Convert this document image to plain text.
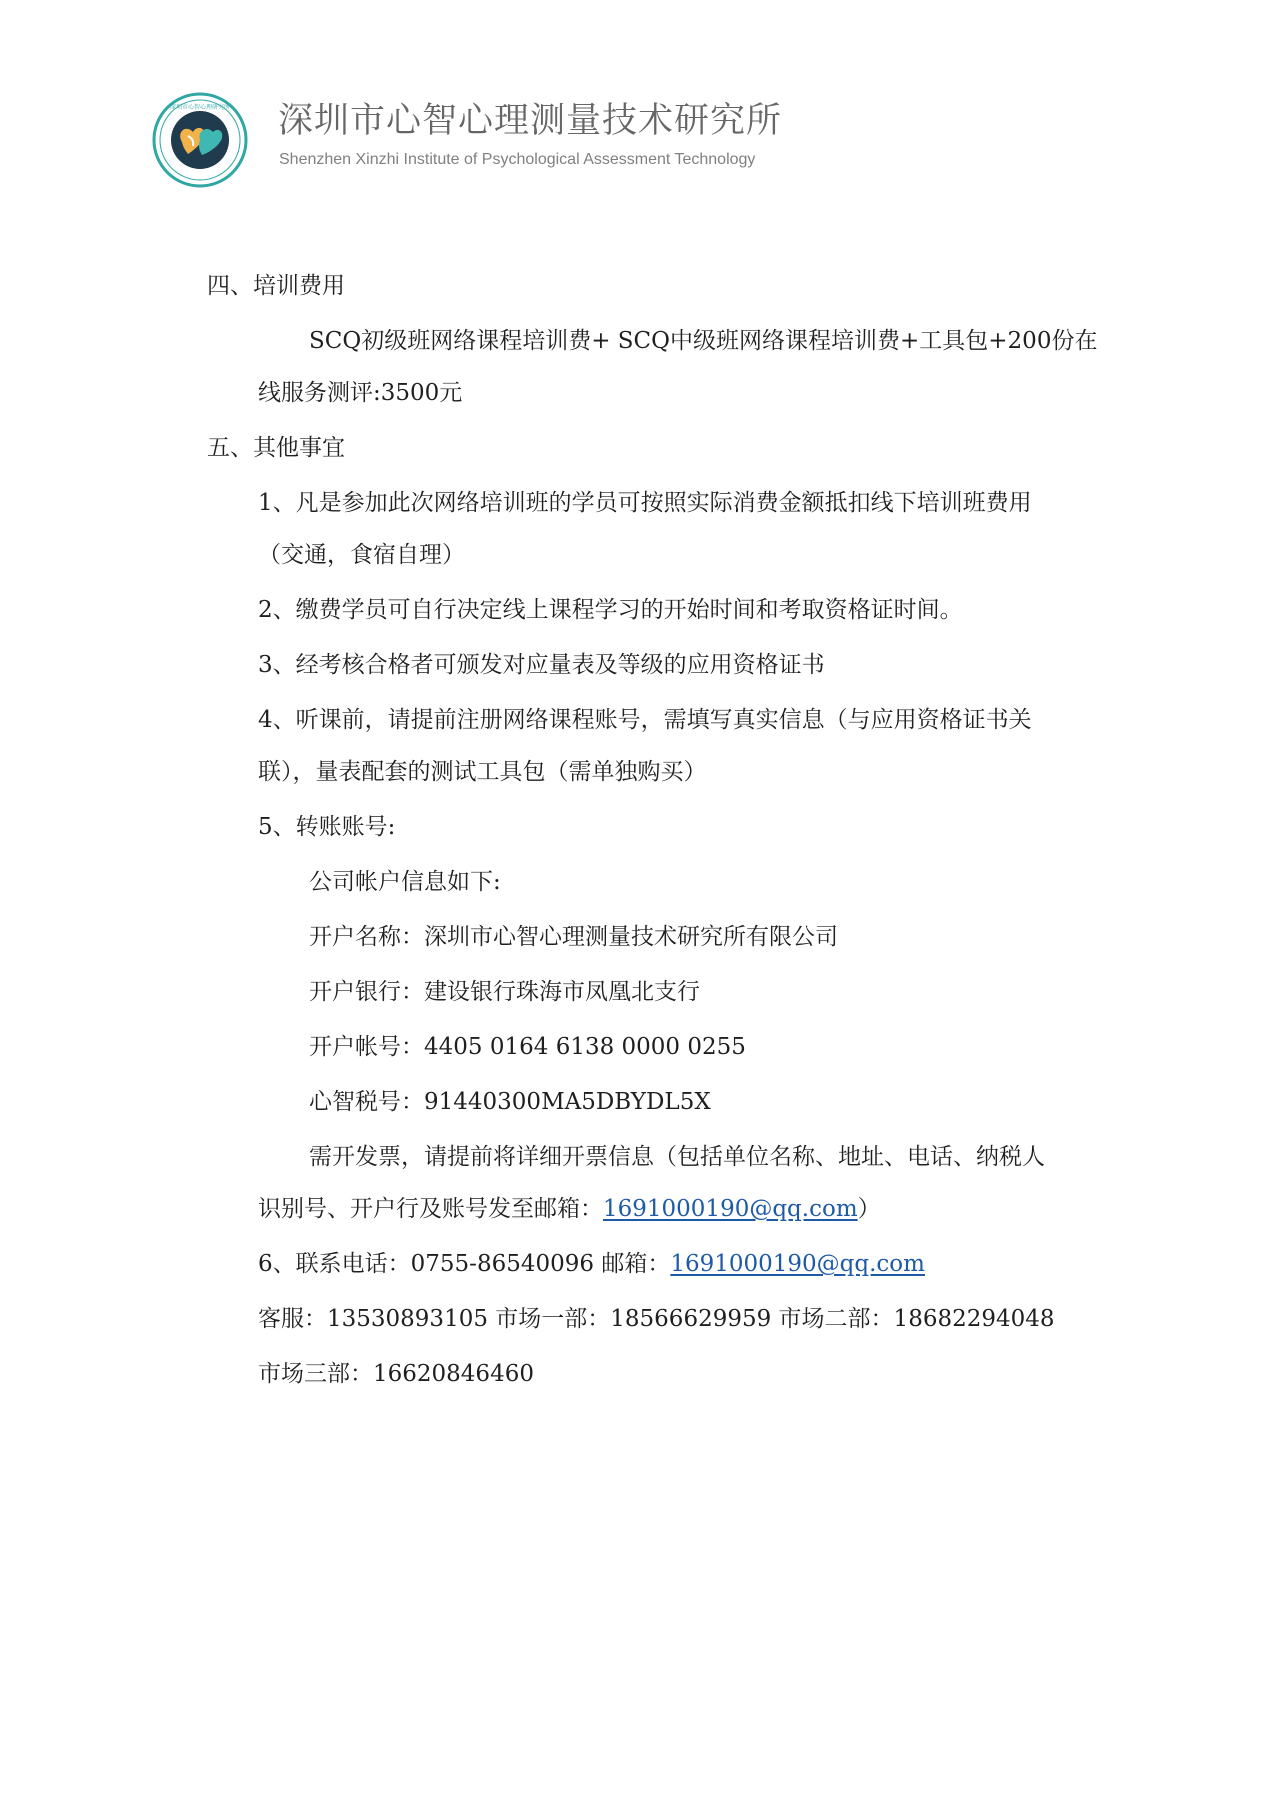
深圳市心智心理研究所 深圳市心智心理测量技术研究所
Shenzhen Xinzhi Institute of Psychological Assessment Technology
四、培训费用
SCQ初级班网络课程培训费+ SCQ中级班网络课程培训费+工具包+200份在
线服务测评:3500元
五、其他事宜
1、凡是参加此次网络培训班的学员可按照实际消费金额抵扣线下培训班费用
（交通，食宿自理）
2、缴费学员可自行决定线上课程学习的开始时间和考取资格证时间。
3、经考核合格者可颁发对应量表及等级的应用资格证书
4、听课前，请提前注册网络课程账号，需填写真实信息（与应用资格证书关
联），量表配套的测试工具包（需单独购买）
5、转账账号:
公司帐户信息如下:
开户名称：深圳市心智心理测量技术研究所有限公司
开户银行：建设银行珠海市凤凰北支行
开户帐号：4405 0164 6138 0000 0255
心智税号：91440300MA5DBYDL5X
需开发票，请提前将详细开票信息（包括单位名称、地址、电话、纳税人
识别号、开户行及账号发至邮箱：1691000190@qq.com）
6、联系电话：0755-86540096 邮箱：1691000190@qq.com
客服：13530893105 市场一部：18566629959 市场二部：18682294048
市场三部：16620846460
